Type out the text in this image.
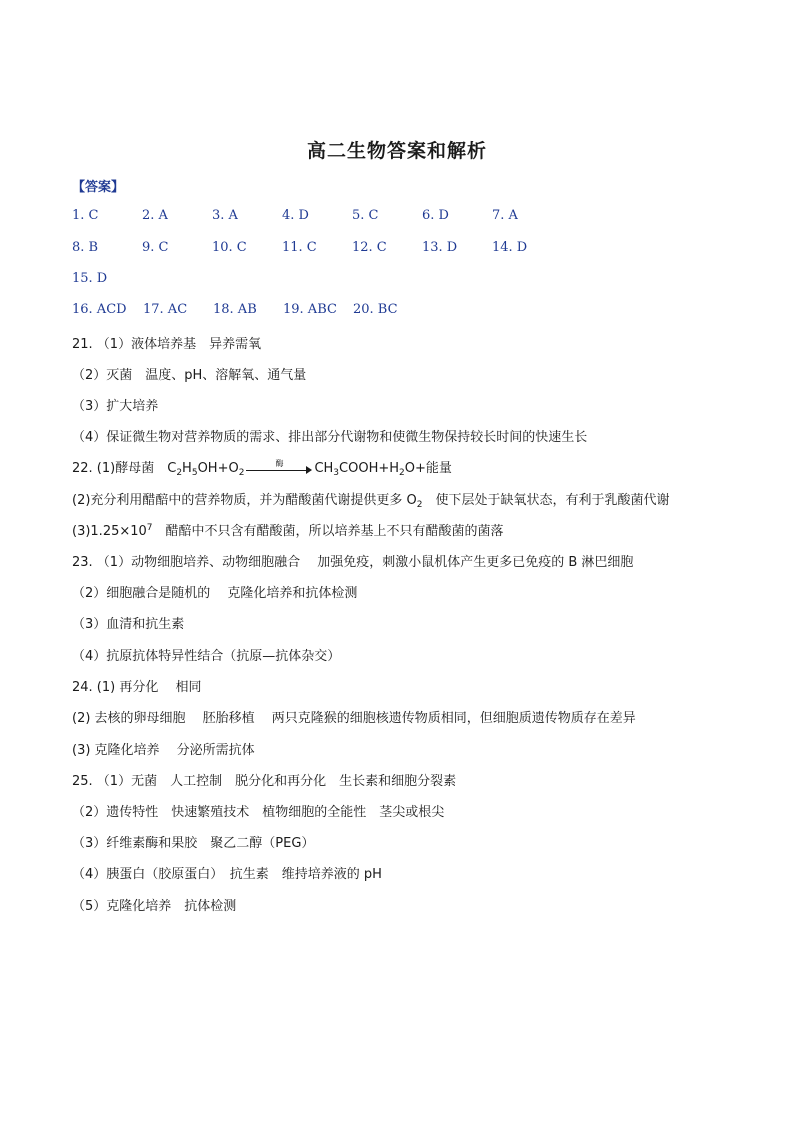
高二生物答案和解析
【答案】
1. C	2. A	3. A	4. D	5. C	6. D	7. A
8. B	9. C	10. C	11. C	12. C	13. D	14. D
15. D
16. ACD 17. AC 18. AB 19. ABC 20. BC
21. （1）液体培养基　异养需氧
（2）灭菌　温度、pH、溶解氧、通气量
（3）扩大培养
（4）保证微生物对营养物质的需求、排出部分代谢物和使微生物保持较长时间的快速生长
22. (1)酵母菌　$C_2H_5OH+O_2$
酶	$CH_3COOH+H_2O+$能量
(2)充分利用醋醅中的营养物质，并为醋酸菌代谢提供更多 $O_2$　使下层处于缺氧状态，有利于乳酸菌代谢
$(3)1.25\times 10^7$　醋醅中不只含有醋酸菌，所以培养基上不只有醋酸菌的菌落
23. （1）动物细胞培养、动物细胞融合　 加强免疫，刺激小鼠机体产生更多已免疫的 B 淋巴细胞
（2）细胞融合是随机的　 克隆化培养和抗体检测
（3）血清和抗生素
（4）抗原抗体特异性结合（抗原—抗体杂交）
24. (1) 再分化　 相同
(2) 去核的卵母细胞　 胚胎移植　 两只克隆猴的细胞核遗传物质相同，但细胞质遗传物质存在差异
(3) 克隆化培养　 分泌所需抗体
25. （1）无菌　人工控制　脱分化和再分化　生长素和细胞分裂素
（2）遗传特性　快速繁殖技术　植物细胞的全能性　茎尖或根尖
（3）纤维素酶和果胶　聚乙二醇（PEG）
（4）胰蛋白（胶原蛋白）　抗生素　维持培养液的 pH
（5）克隆化培养　抗体检测
